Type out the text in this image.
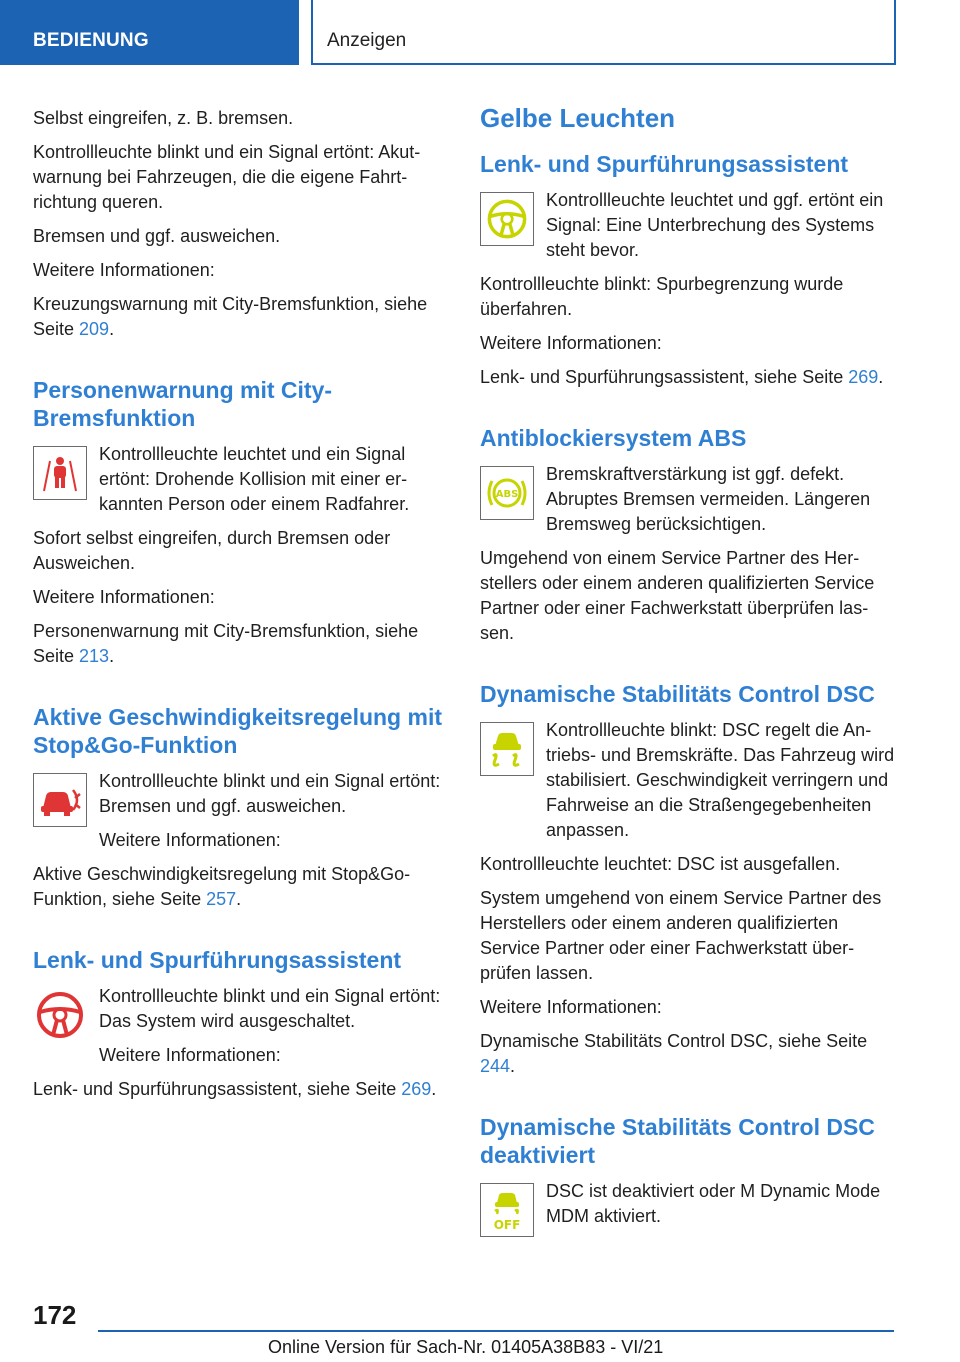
BEDIENUNG	Anzeigen

Selbst eingreifen, z. B. bremsen.

Kontrollleuchte blinkt und ein Signal ertönt: Akutwarnung bei Fahrzeugen, die die eigene Fahrtrichtung queren.

Bremsen und ggf. ausweichen.

Weitere Informationen:

Kreuzungswarnung mit City-Bremsfunktion, siehe Seite 209.

Personenwarnung mit City-Bremsfunktion

Kontrollleuchte leuchtet und ein Signal ertönt: Drohende Kollision mit einer erkannten Person oder einem Radfahrer.

Sofort selbst eingreifen, durch Bremsen oder Ausweichen.

Weitere Informationen:

Personenwarnung mit City-Bremsfunktion, siehe Seite 213.

Aktive Geschwindigkeitsregelung mit Stop&Go-Funktion

Kontrollleuchte blinkt und ein Signal ertönt: Bremsen und ggf. ausweichen.

Weitere Informationen:

Aktive Geschwindigkeitsregelung mit Stop&Go-Funktion, siehe Seite 257.

Lenk- und Spurführungsassistent

Kontrollleuchte blinkt und ein Signal ertönt: Das System wird ausgeschaltet.

Weitere Informationen:

Lenk- und Spurführungsassistent, siehe Seite 269.

Gelbe Leuchten
Lenk- und Spurführungsassistent

Kontrollleuchte leuchtet und ggf. ertönt ein Signal: Eine Unterbrechung des Systems steht bevor.

Kontrollleuchte blinkt: Spurbegrenzung wurde überfahren.

Weitere Informationen:

Lenk- und Spurführungsassistent, siehe Seite 269.

Antiblockiersystem ABS
ABS

Bremskraftverstärkung ist ggf. defekt. Abruptes Bremsen vermeiden. Längeren Bremsweg berücksichtigen.

Umgehend von einem Service Partner des Herstellers oder einem anderen qualifizierten Service Partner oder einer Fachwerkstatt überprüfen lassen.

Dynamische Stabilitäts Control DSC

Kontrollleuchte blinkt: DSC regelt die Antriebs- und Bremskräfte. Das Fahrzeug wird stabilisiert. Geschwindigkeit verringern und Fahrweise an die Straßengegebenheiten anpassen.

Kontrollleuchte leuchtet: DSC ist ausgefallen.

System umgehend von einem Service Partner des Herstellers oder einem anderen qualifizierten Service Partner oder einer Fachwerkstatt überprüfen lassen.

Weitere Informationen:

Dynamische Stabilitäts Control DSC, siehe Seite 244.

Dynamische Stabilitäts Control DSC deaktiviert
OFF

DSC ist deaktiviert oder M Dynamic Mode MDM aktiviert.

172
Online Version für Sach-Nr. 01405A38B83 - VI/21
